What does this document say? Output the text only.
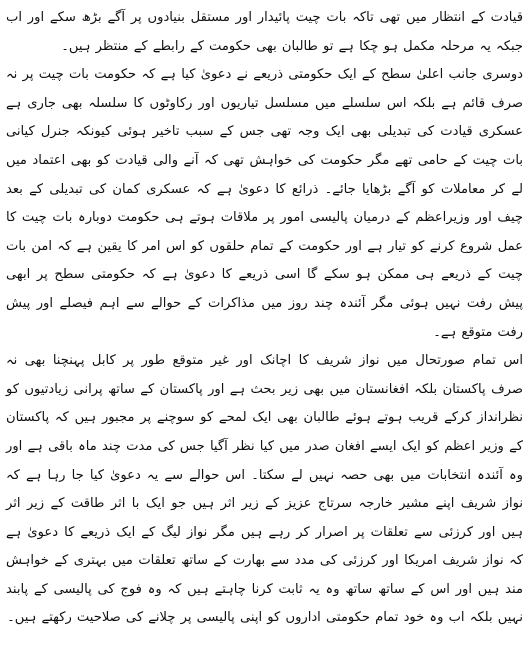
قیادت کے انتظار میں تھی تاکہ بات چیت پائیدار اور مستقل بنیادوں پر آگے بڑھ سکے اور اب جبکہ یہ مرحلہ مکمل ہو چکا ہے تو طالبان بھی حکومت کے رابطے کے منتظر ہیں۔

دوسری جانب اعلیٰ سطح کے ایک حکومتی ذریعے نے دعویٰ کیا ہے کہ حکومت بات چیت پر نہ صرف قائم ہے بلکہ اس سلسلے میں مسلسل تیاریوں اور رکاوٹوں کا سلسلہ بھی جاری ہے عسکری قیادت کی تبدیلی بھی ایک وجہ تھی جس کے سبب تاخیر ہوئی کیونکہ جنرل کیانی بات چیت کے حامی تھے مگر حکومت کی خواہش تھی کہ آنے والی قیادت کو بھی اعتماد میں لے کر معاملات کو آگے بڑھایا جائے۔ ذرائع کا دعویٰ ہے کہ عسکری کمان کی تبدیلی کے بعد چیف اور وزیراعظم کے درمیان پالیسی امور پر ملاقات ہوتے ہی حکومت دوبارہ بات چیت کا عمل شروع کرنے کو تیار ہے اور حکومت کے تمام حلقوں کو اس امر کا یقین ہے کہ امن بات چیت کے ذریعے ہی ممکن ہو سکے گا اسی ذریعے کا دعویٰ ہے کہ حکومتی سطح پر ابھی پیش رفت نہیں ہوئی مگر آئندہ چند روز میں مذاکرات کے حوالے سے اہم فیصلے اور پیش رفت متوقع ہے۔

اس تمام صورتحال میں نواز شریف کا اچانک اور غیر متوقع طور پر کابل پہنچنا بھی نہ صرف پاکستان بلکہ افغانستان میں بھی زیر بحث ہے اور پاکستان کے ساتھ پرانی زیادتیوں کو نظرانداز کرکے قریب ہوتے ہوئے طالبان بھی ایک لمحے کو سوچنے پر مجبور ہیں کہ پاکستان کے وزیر اعظم کو ایک ایسے افغان صدر میں کیا نظر آگیا جس کی مدت چند ماہ باقی ہے اور وہ آئندہ انتخابات میں بھی حصہ نہیں لے سکتا۔ اس حوالے سے یہ دعویٰ کیا جا رہا ہے کہ نواز شریف اپنے مشیر خارجہ سرتاج عزیز کے زیر اثر ہیں جو ایک با اثر طاقت کے زیر اثر ہیں اور کرزئی سے تعلقات پر اصرار کر رہے ہیں مگر نواز لیگ کے ایک ذریعے کا دعویٰ ہے کہ نواز شریف امریکا اور کرزئی کی مدد سے بھارت کے ساتھ تعلقات میں بہتری کے خواہش مند ہیں اور اس کے ساتھ ساتھ وہ یہ ثابت کرنا چاہتے ہیں کہ وہ فوج کی پالیسی کے پابند نہیں بلکہ اب وہ خود تمام حکومتی اداروں کو اپنی پالیسی پر چلانے کی صلاحیت رکھتے ہیں۔
